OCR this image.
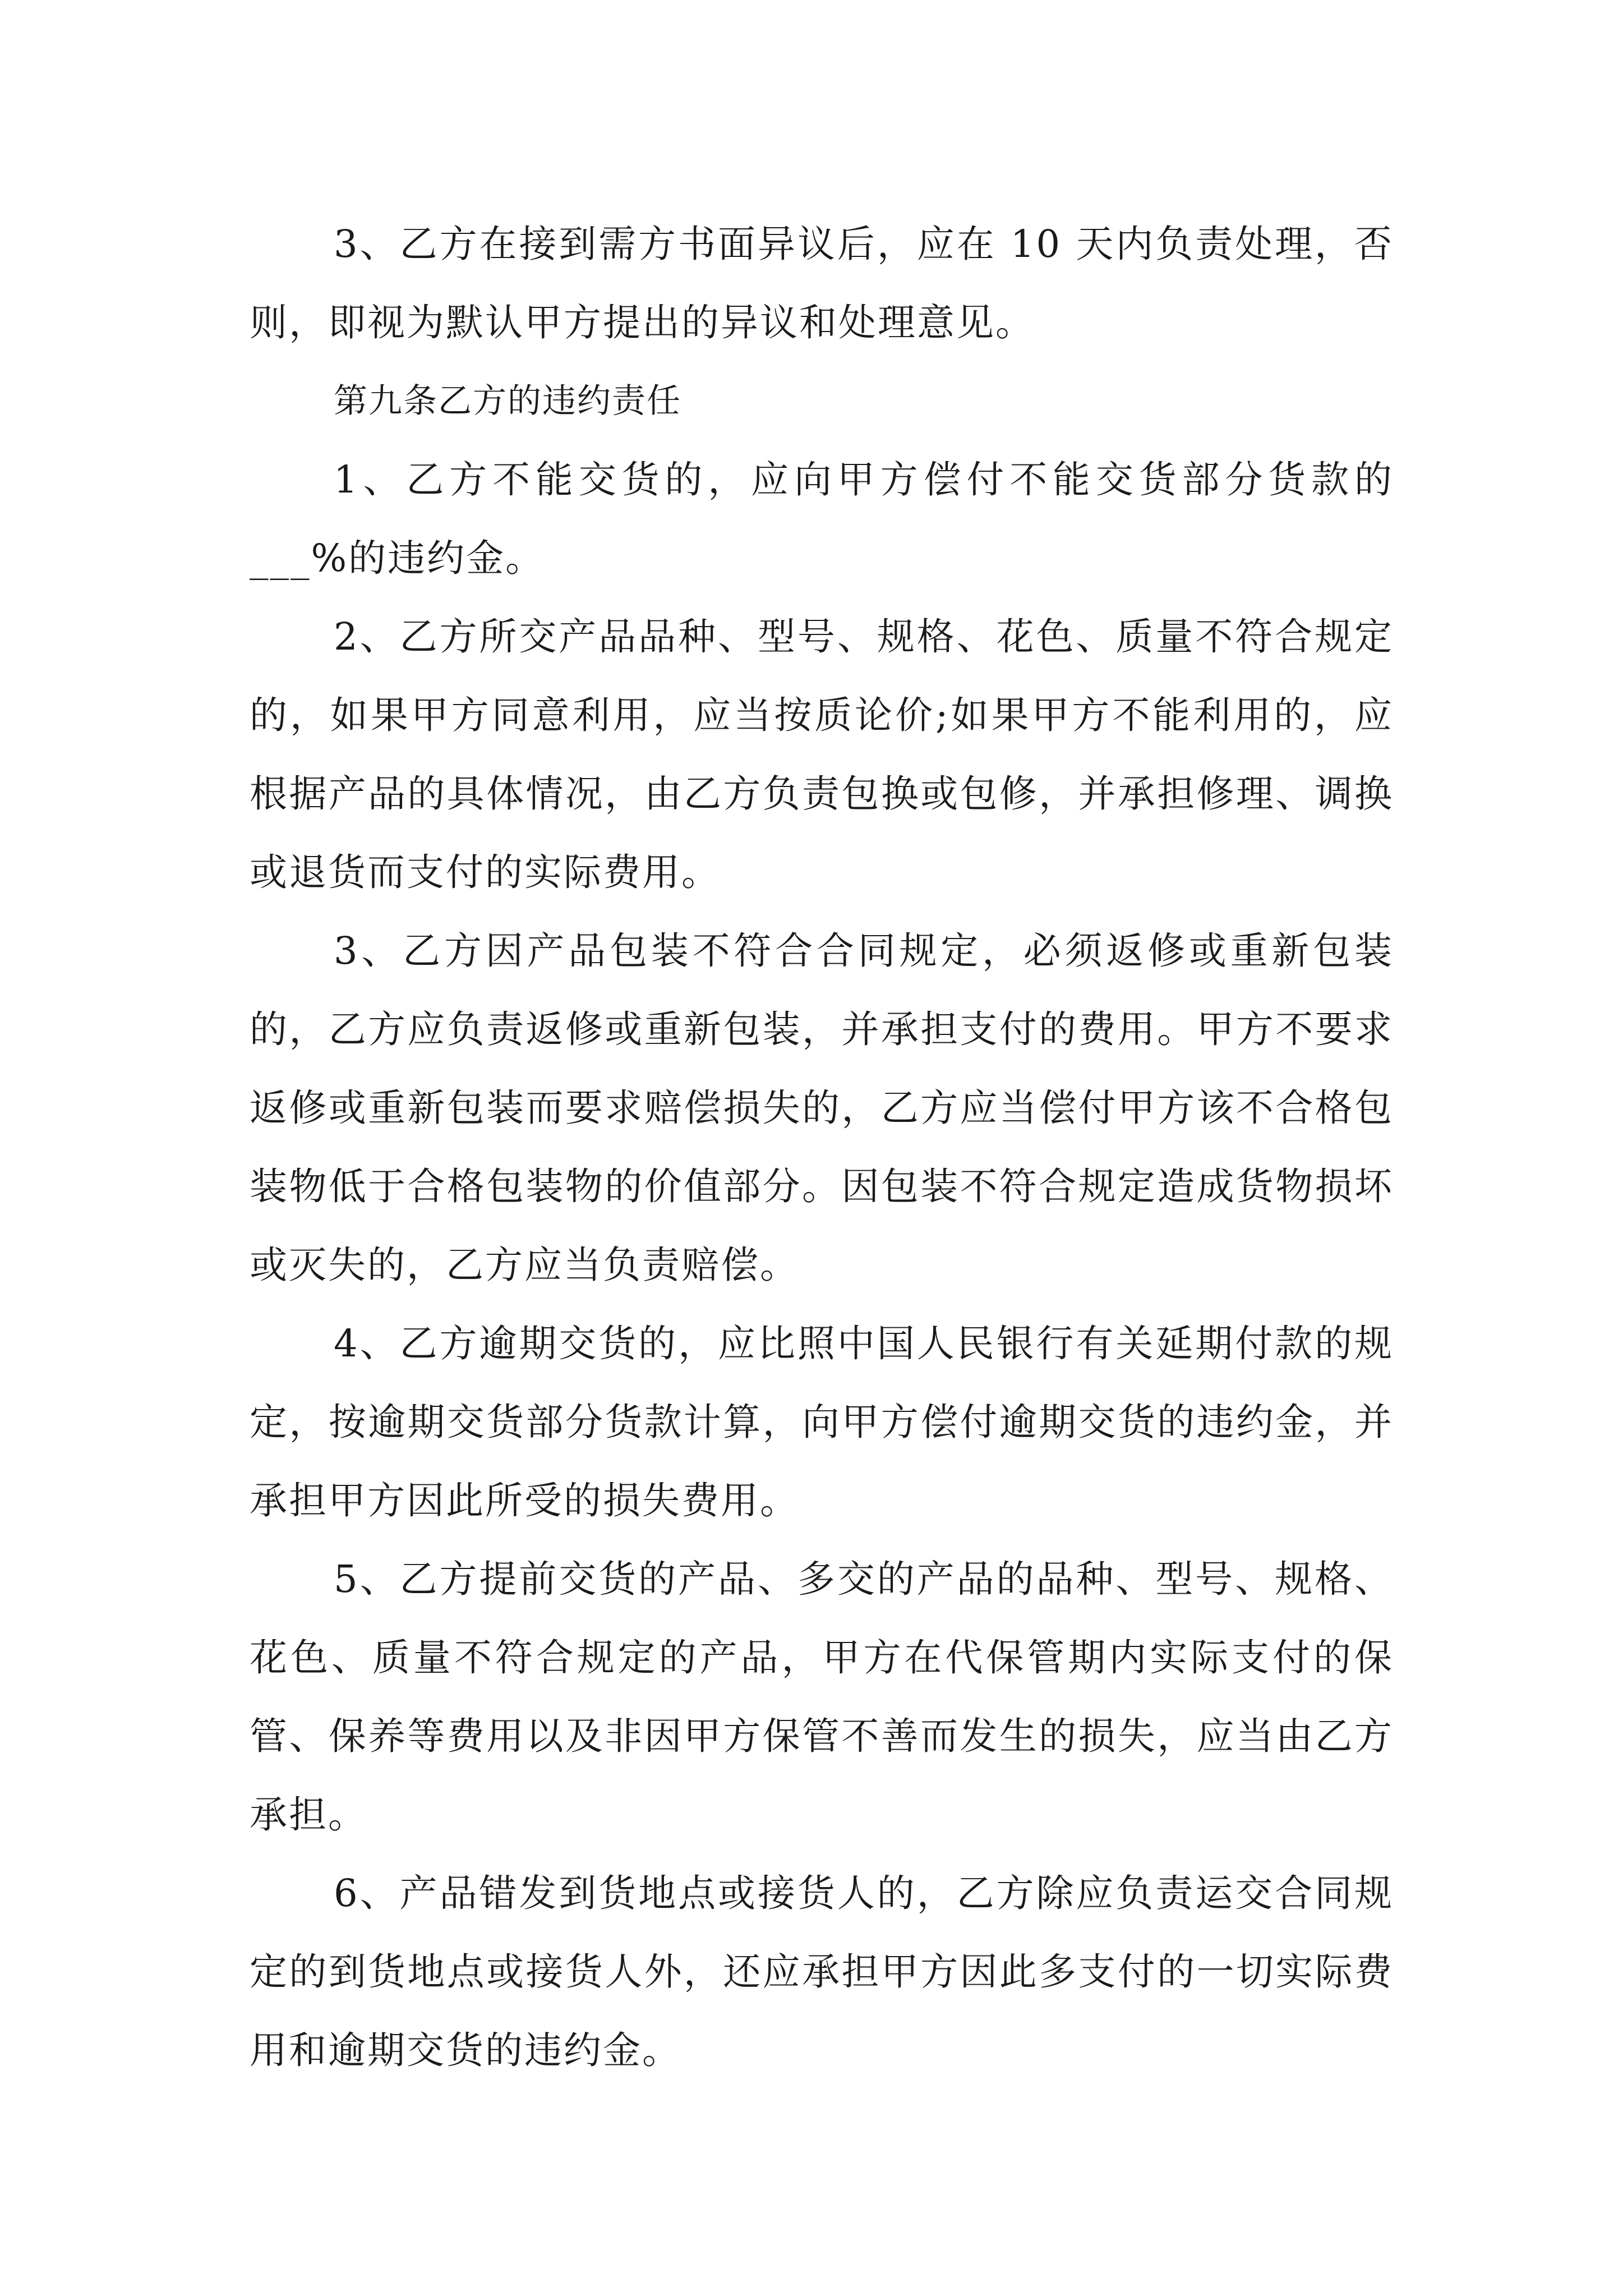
3、乙方在接到需方书面异议后，应在 10 天内负责处理，否则，即视为默认甲方提出的异议和处理意见。

第九条乙方的违约责任

1、乙方不能交货的，应向甲方偿付不能交货部分货款的___%的违约金。

2、乙方所交产品品种、型号、规格、花色、质量不符合规定的，如果甲方同意利用，应当按质论价;如果甲方不能利用的，应根据产品的具体情况，由乙方负责包换或包修，并承担修理、调换或退货而支付的实际费用。

3、乙方因产品包装不符合合同规定，必须返修或重新包装的，乙方应负责返修或重新包装，并承担支付的费用。甲方不要求返修或重新包装而要求赔偿损失的，乙方应当偿付甲方该不合格包装物低于合格包装物的价值部分。因包装不符合规定造成货物损坏或灭失的，乙方应当负责赔偿。

4、乙方逾期交货的，应比照中国人民银行有关延期付款的规定，按逾期交货部分货款计算，向甲方偿付逾期交货的违约金，并承担甲方因此所受的损失费用。

5、乙方提前交货的产品、多交的产品的品种、型号、规格、花色、质量不符合规定的产品，甲方在代保管期内实际支付的保管、保养等费用以及非因甲方保管不善而发生的损失，应当由乙方承担。

6、产品错发到货地点或接货人的，乙方除应负责运交合同规定的到货地点或接货人外，还应承担甲方因此多支付的一切实际费用和逾期交货的违约金。
